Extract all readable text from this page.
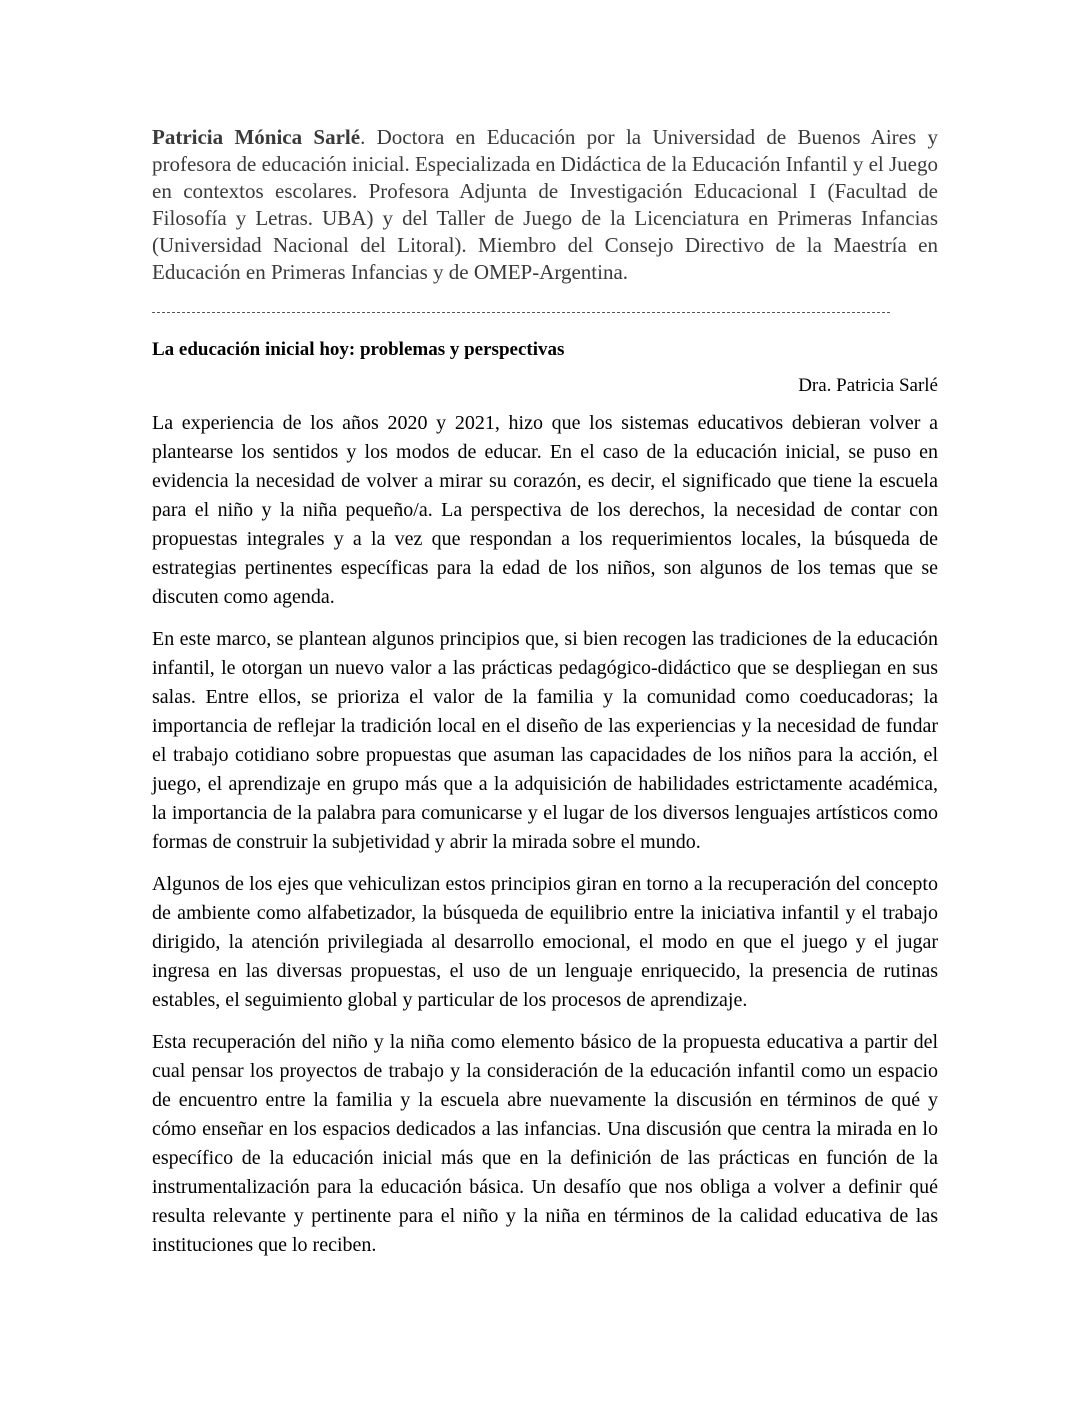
Patricia Mónica Sarlé. Doctora en Educación por la Universidad de Buenos Aires y profesora de educación inicial. Especializada en Didáctica de la Educación Infantil y el Juego en contextos escolares. Profesora Adjunta de Investigación Educacional I (Facultad de Filosofía y Letras. UBA) y del Taller de Juego de la Licenciatura en Primeras Infancias (Universidad Nacional del Litoral). Miembro del Consejo Directivo de la Maestría en Educación en Primeras Infancias y de OMEP-Argentina.

La educación inicial hoy: problemas y perspectivas

Dra. Patricia Sarlé

La experiencia de los años 2020 y 2021, hizo que los sistemas educativos debieran volver a plantearse los sentidos y los modos de educar. En el caso de la educación inicial, se puso en evidencia la necesidad de volver a mirar su corazón, es decir, el significado que tiene la escuela para el niño y la niña pequeño/a. La perspectiva de los derechos, la necesidad de contar con propuestas integrales y a la vez que respondan a los requerimientos locales, la búsqueda de estrategias pertinentes específicas para la edad de los niños, son algunos de los temas que se discuten como agenda.

En este marco, se plantean algunos principios que, si bien recogen las tradiciones de la educación infantil, le otorgan un nuevo valor a las prácticas pedagógico-didáctico que se despliegan en sus salas. Entre ellos, se prioriza el valor de la familia y la comunidad como coeducadoras; la importancia de reflejar la tradición local en el diseño de las experiencias y la necesidad de fundar el trabajo cotidiano sobre propuestas que asuman las capacidades de los niños para la acción, el juego, el aprendizaje en grupo más que a la adquisición de habilidades estrictamente académica, la importancia de la palabra para comunicarse y el lugar de los diversos lenguajes artísticos como formas de construir la subjetividad y abrir la mirada sobre el mundo.

Algunos de los ejes que vehiculizan estos principios giran en torno a la recuperación del concepto de ambiente como alfabetizador, la búsqueda de equilibrio entre la iniciativa infantil y el trabajo dirigido, la atención privilegiada al desarrollo emocional, el modo en que el juego y el jugar ingresa en las diversas propuestas, el uso de un lenguaje enriquecido, la presencia de rutinas estables, el seguimiento global y particular de los procesos de aprendizaje.

Esta recuperación del niño y la niña como elemento básico de la propuesta educativa a partir del cual pensar los proyectos de trabajo y la consideración de la educación infantil como un espacio de encuentro entre la familia y la escuela abre nuevamente la discusión en términos de qué y cómo enseñar en los espacios dedicados a las infancias. Una discusión que centra la mirada en lo específico de la educación inicial más que en la definición de las prácticas en función de la instrumentalización para la educación básica. Un desafío que nos obliga a volver a definir qué resulta relevante y pertinente para el niño y la niña en términos de la calidad educativa de las instituciones que lo reciben.
